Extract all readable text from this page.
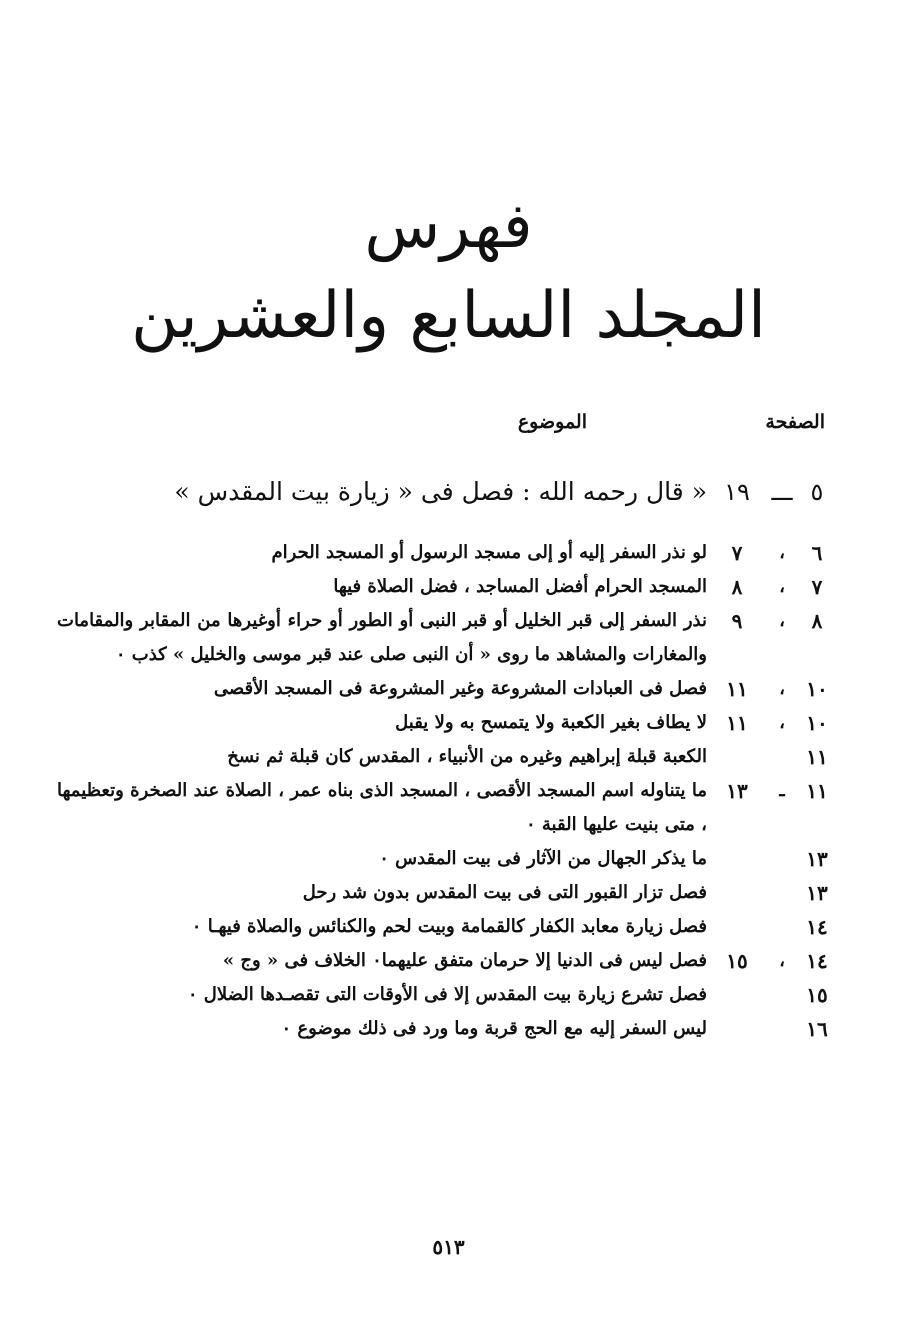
فهرس
المجلد السابع والعشرين
الصفحة
الموضوع
٥
ـــ
١٩
« قال رحمه الله : فصل فى « زيارة بيت المقدس »
٦
،
٧
لو نذر السفر إليه أو إلى مسجد الرسول أو المسجد الحرام
٧
،
٨
المسجد الحرام أفضل المساجد ، فضل الصلاة فيها
٨
،
٩
نذر السفر إلى قبر الخليل أو قبر النبى أو الطور أو حراء أوغيرها من المقابر والمقامات والمغارات والمشاهد ما روى « أن النبى صلى عند قبر موسى والخليل » كذب ٠
١٠
،
١١
فصل فى العبادات المشروعة وغير المشروعة فى المسجد الأقصى
١٠
،
١١
لا يطاف بغير الكعبة ولا يتمسح به ولا يقبل
١١
الكعبة قبلة إبراهيم وغيره من الأنبياء ، المقدس كان قبلة ثم نسخ
١١
ـ
١٣
ما يتناوله اسم المسجد الأقصى ، المسجد الذى بناه عمر ، الصلاة عند الصخرة وتعظيمها ، متى بنيت عليها القبة ٠
١٣
ما يذكر الجهال من الآثار فى بيت المقدس ٠
١٣
فصل تزار القبور التى فى بيت المقدس بدون شد رحل
١٤
فصل زيارة معابد الكفار كالقمامة وبيت لحم والكنائس والصلاة فيهـا ٠
١٤
،
١٥
فصل ليس فى الدنيا إلا حرمان متفق عليهما٠ الخلاف فى « وج »
١٥
فصل تشرع زيارة بيت المقدس إلا فى الأوقات التى تقصـدها الضلال ٠
١٦
ليس السفر إليه مع الحج قربة وما ورد فى ذلك موضوع ٠
٥١٣
